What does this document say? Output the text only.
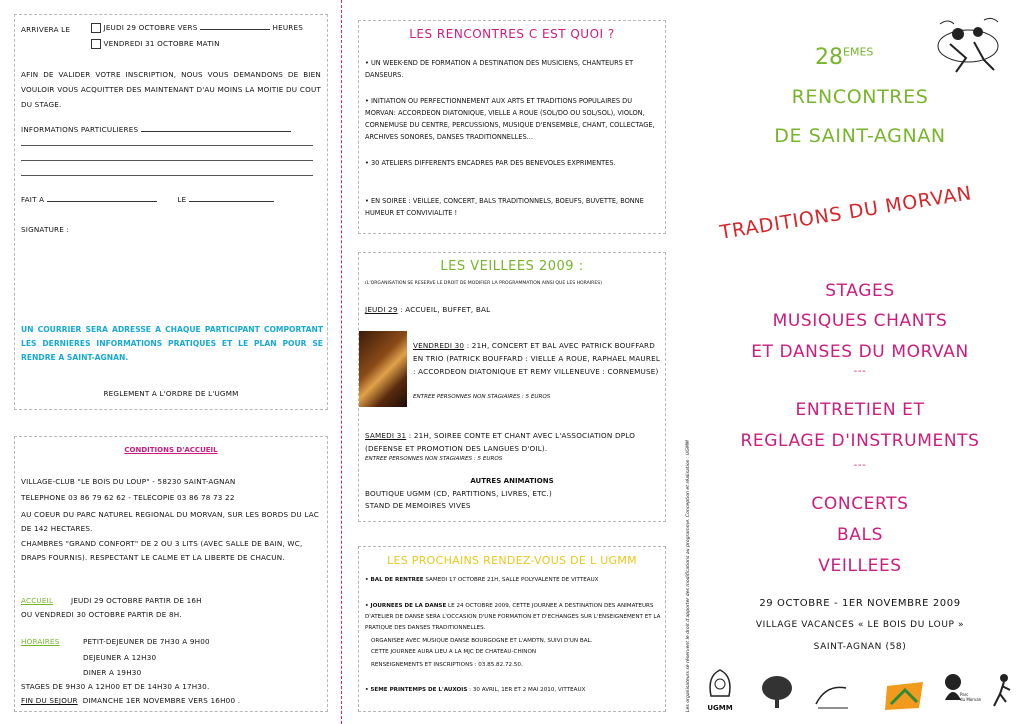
ARRIVERA LE	JEUDI 29 OCTOBRE VERS	HEURES
VENDREDI 31 OCTOBRE MATIN

AFIN DE VALIDER VOTRE INSCRIPTION, NOUS VOUS DEMANDONS DE BIEN VOULOIR VOUS ACQUITTER DES MAINTENANT D'AU MOINS LA MOITIE DU COUT DU STAGE.

INFORMATIONS PARTICULIERES
FAIT A	LE
SIGNATURE :

UN COURRIER SERA ADRESSE A CHAQUE PARTICIPANT COMPORTANT LES DERNIERES INFORMATIONS PRATIQUES ET LE PLAN POUR SE RENDRE A SAINT-AGNAN.

REGLEMENT A L'ORDRE DE L'UGMM
CONDITIONS D'ACCUEIL
VILLAGE-CLUB "LE BOIS DU LOUP" - 58230 SAINT-AGNAN
TELEPHONE 03 86 79 62 62 - TELECOPIE 03 86 78 73 22

AU COEUR DU PARC NATUREL REGIONAL DU MORVAN, SUR LES BORDS DU LAC DE 142 HECTARES.

CHAMBRES "GRAND CONFORT" DE 2 OU 3 LITS (AVEC SALLE DE BAIN, WC, DRAPS FOURNIS). RESPECTANT LE CALME ET LA LIBERTE DE CHACUN.

ACCUEIL JEUDI 29 OCTOBRE PARTIR DE 16H
OU VENDREDI 30 OCTOBRE PARTIR DE 8H.
HORAIRES	PETIT-DEJEUNER DE 7H30 A 9H00
DEJEUNER A 12H30
DINER A 19H30
STAGES DE 9H30 A 12H00 ET DE 14H30 A 17H30.
FIN DU SEJOUR DIMANCHE 1ER NOVEMBRE VERS 16H00 .
LES RENCONTRES C EST QUOI ?

• UN WEEK-END DE FORMATION A DESTINATION DES MUSICIENS, CHANTEURS ET DANSEURS.

• INITIATION OU PERFECTIONNEMENT AUX ARTS ET TRADITIONS POPULAIRES DU MORVAN: ACCORDEON DIATONIQUE, VIELLE A ROUE (SOL/DO OU SOL/SOL), VIOLON, CORNEMUSE DU CENTRE, PERCUSSIONS, MUSIQUE D'ENSEMBLE, CHANT, COLLECTAGE, ARCHIVES SONORES, DANSES TRADITIONNELLES...

• 30 ATELIERS DIFFERENTS ENCADRES PAR DES BENEVOLES EXPRIMENTES.

• EN SOIREE : VEILLEE, CONCERT, BALS TRADITIONNELS, BOEUFS, BUVETTE, BONNE HUMEUR ET CONVIVIALITE !

LES VEILLEES 2009 :
(L'ORGANISATION SE RESERVE LE DROIT DE MODIFIER LA PROGRAMMATION AINSI QUE LES HORAIRES)
JEUDI 29 : ACCUEIL, BUFFET, BAL
VENDREDI 30 : 21H, CONCERT ET BAL AVEC PATRICK BOUFFARD EN TRIO (PATRICK BOUFFARD : VIELLE A ROUE, RAPHAEL MAUREL : ACCORDEON DIATONIQUE ET REMY VILLENEUVE : CORNEMUSE)
ENTREE PERSONNES NON STAGIAIRES : 5 EUROS
SAMEDI 31 : 21H, SOIREE CONTE ET CHANT AVEC L'ASSOCIATION DPLO (DEFENSE ET PROMOTION DES LANGUES D'OIL).
ENTREE PERSONNES NON STAGIAIRES : 5 EUROS
AUTRES ANIMATIONS
BOUTIQUE UGMM (CD, PARTITIONS, LIVRES, ETC.)
STAND DE MEMOIRES VIVES
LES PROCHAINS RENDEZ-VOUS DE L UGMM
• BAL DE RENTREE SAMEDI 17 OCTOBRE 21H, SALLE POLYVALENTE DE VITTEAUX

• JOURNEES DE LA DANSE LE 24 OCTOBRE 2009, CETTE JOURNEE A DESTINATION DES ANIMATEURS D'ATELIER DE DANSE SERA L'OCCASION D'UNE FORMATION ET D'ECHANGES SUR L'ENSEIGNEMENT ET LA PRATIQUE DES DANSES TRADITIONNELLES.

ORGANISEE AVEC MUSIQUE DANSE BOURGOGNE ET L'AMDTN, SUIVI D'UN BAL.
CETTE JOURNEE AURA LIEU A LA MJC DE CHATEAU-CHINON
RENSEIGNEMENTS ET INSCRIPTIONS : 03.85.82.72.50.
• 5EME PRINTEMPS DE L'AUXOIS : 30 AVRIL, 1ER ET 2 MAI 2010, VITTEAUX	Les organisateurs se réservent le droit d'apporter des modifications au programme. Conception et réalisation : UGMM
28EMES
RENCONTRES
DE SAINT-AGNAN
TRADITIONS DU MORVAN
STAGES
MUSIQUES CHANTS
ET DANSES DU MORVAN
---
ENTRETIEN ET
REGLAGE D'INSTRUMENTS
---
CONCERTS
BALS
VEILLEES
29 OCTOBRE - 1ER NOVEMBRE 2009
VILLAGE VACANCES « LE BOIS DU LOUP »
SAINT-AGNAN (58)
UGMM
Parc
du Morvan
